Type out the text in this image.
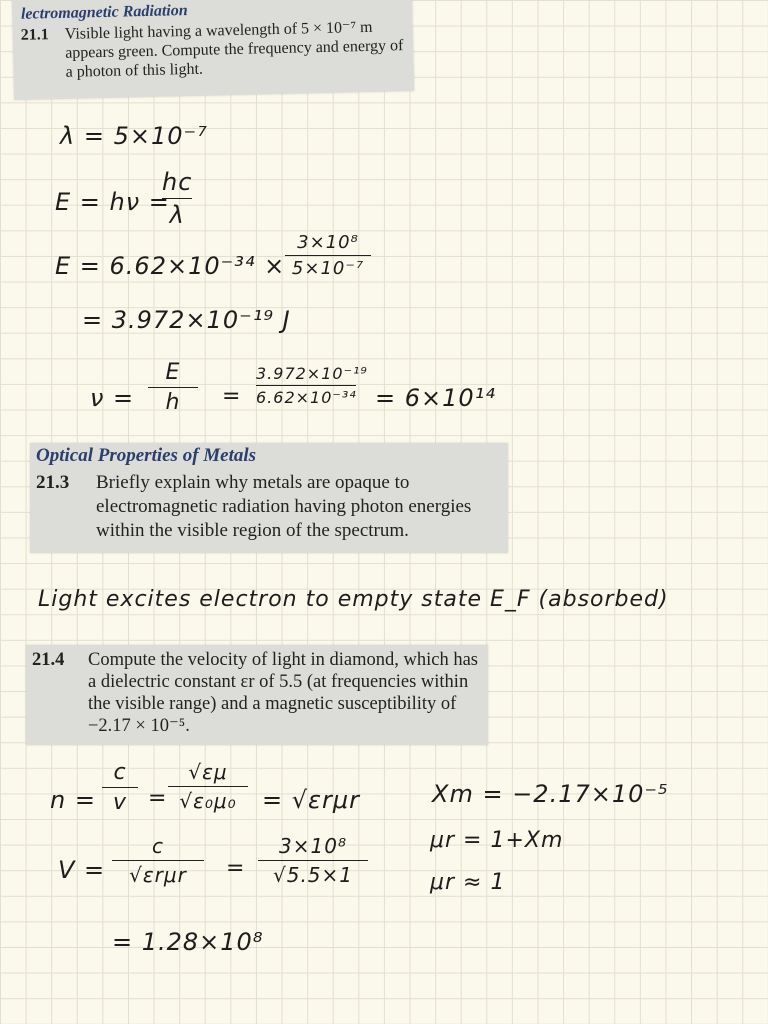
lectromagnetic Radiation
21.1 Visible light having a wavelength of 5 × 10⁻⁷ m appears green. Compute the frequency and energy of a photon of this light.

λ = 5×10⁻⁷
E = hν =
hc
λ
E = 6.62×10⁻³⁴ ×
3×10⁸
5×10⁻⁷
= 3.972×10⁻¹⁹ J
ν =
E
h	=
3.972×10⁻¹⁹
6.62×10⁻³⁴ = 6×10¹⁴
Optical Properties of Metals
21.3	Briefly explain why metals are opaque to electromagnetic radiation having photon energies within the visible region of the spectrum.

Light excites electron to empty state E_F (absorbed)
21.4	Compute the velocity of light in diamond, which has a dielectric constant εr of 5.5 (at frequencies within the visible range) and a magnetic susceptibility of −2.17 × 10⁻⁵.

n =
c
v =
√εμ
√ε₀μ₀	= √εrμr	Xm = −2.17×10⁻⁵
μr = 1+Xm
μr ≈ 1
V =
c
√εrμr	=
3×10⁸
√5.5×1
= 1.28×10⁸
